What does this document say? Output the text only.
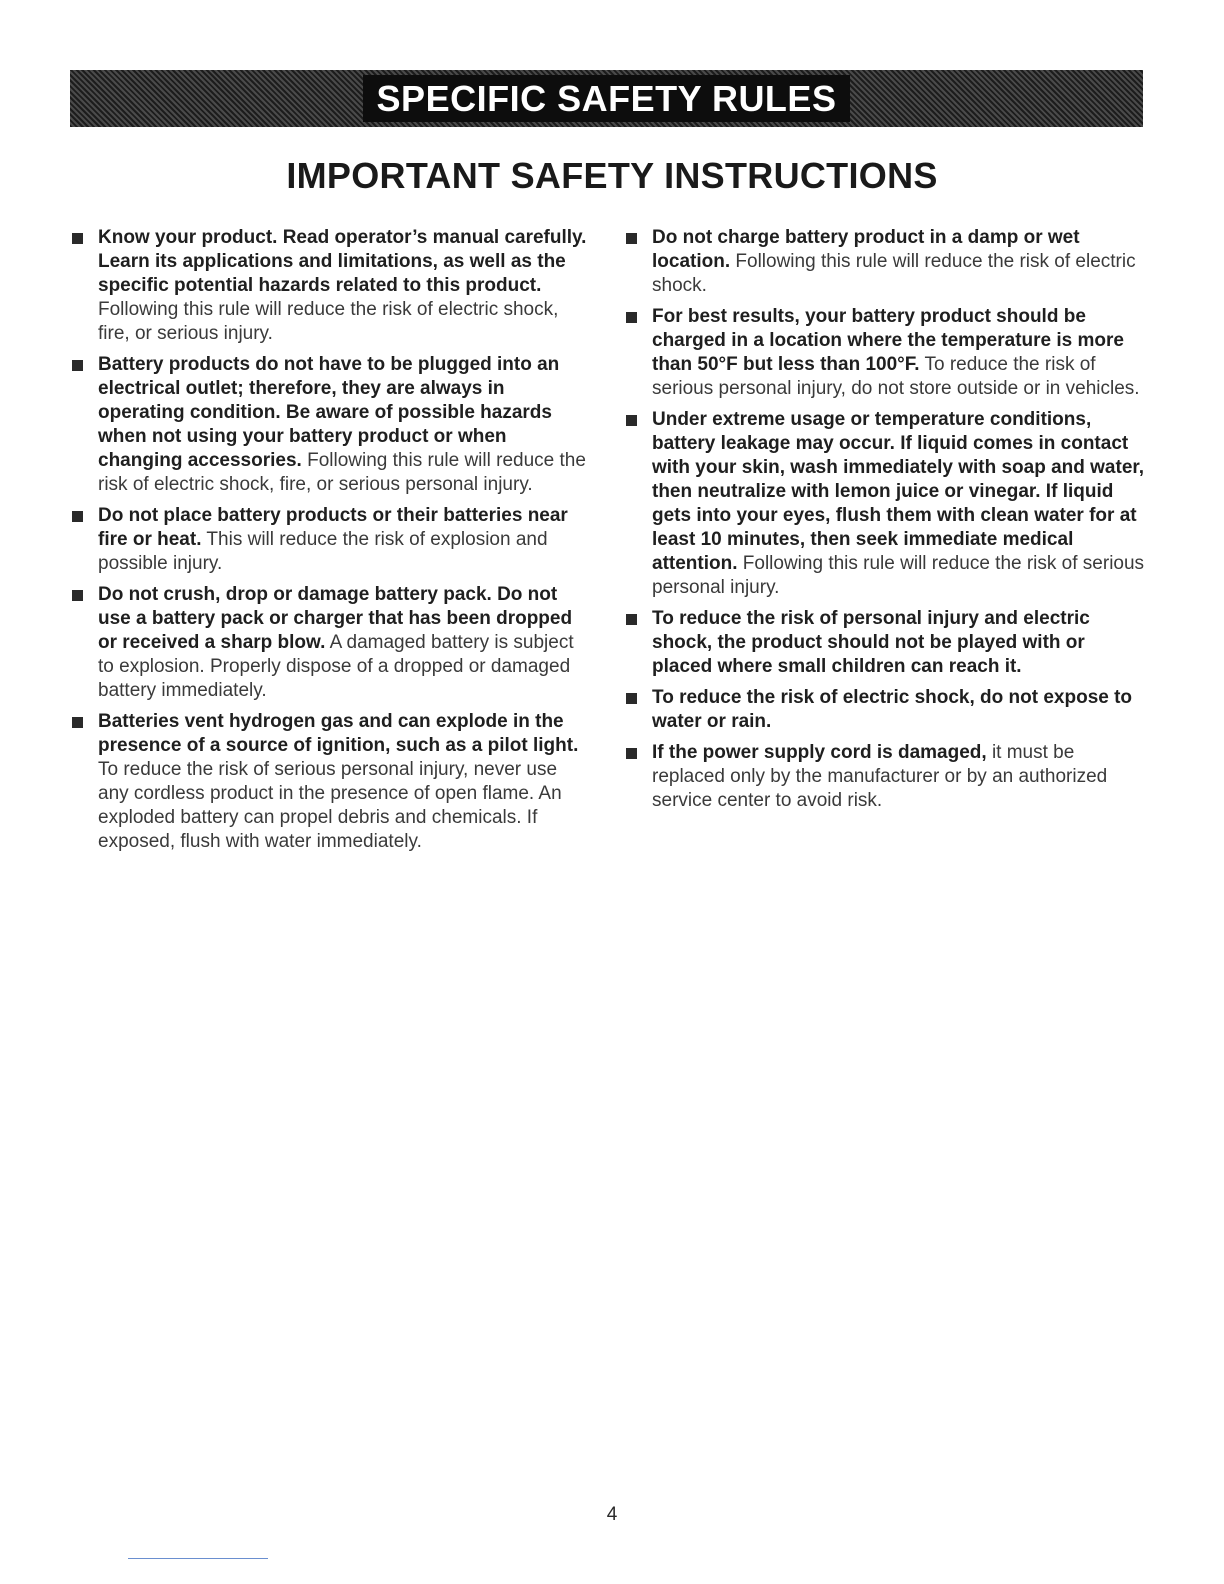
SPECIFIC SAFETY RULES
IMPORTANT SAFETY INSTRUCTIONS
Know your product. Read operator’s manual carefully. Learn its applications and limitations, as well as the specific potential hazards related to this product. Following this rule will reduce the risk of electric shock, fire, or serious injury.
Battery products do not have to be plugged into an electrical outlet; therefore, they are always in operating condition. Be aware of possible hazards when not using your battery product or when changing accessories. Following this rule will reduce the risk of electric shock, fire, or serious personal injury.
Do not place battery products or their batteries near fire or heat. This will reduce the risk of explosion and possible injury.
Do not crush, drop or damage battery pack. Do not use a battery pack or charger that has been dropped or received a sharp blow. A damaged battery is subject to explosion. Properly dispose of a dropped or damaged battery immediately.
Batteries vent hydrogen gas and can explode in the presence of a source of ignition, such as a pilot light. To reduce the risk of serious personal injury, never use any cordless product in the presence of open flame. An exploded battery can propel debris and chemicals. If exposed, flush with water immediately.
Do not charge battery product in a damp or wet location. Following this rule will reduce the risk of electric shock.
For best results, your battery product should be charged in a location where the temperature is more than 50°F but less than 100°F. To reduce the risk of serious personal injury, do not store outside or in vehicles.
Under extreme usage or temperature conditions, battery leakage may occur. If liquid comes in contact with your skin, wash immediately with soap and water, then neutralize with lemon juice or vinegar. If liquid gets into your eyes, flush them with clean water for at least 10 minutes, then seek immediate medical attention. Following this rule will reduce the risk of serious personal injury.
To reduce the risk of personal injury and electric shock, the product should not be played with or placed where small children can reach it.
To reduce the risk of electric shock, do not expose to water or rain.
If the power supply cord is damaged, it must be replaced only by the manufacturer or by an authorized service center to avoid risk.
4
